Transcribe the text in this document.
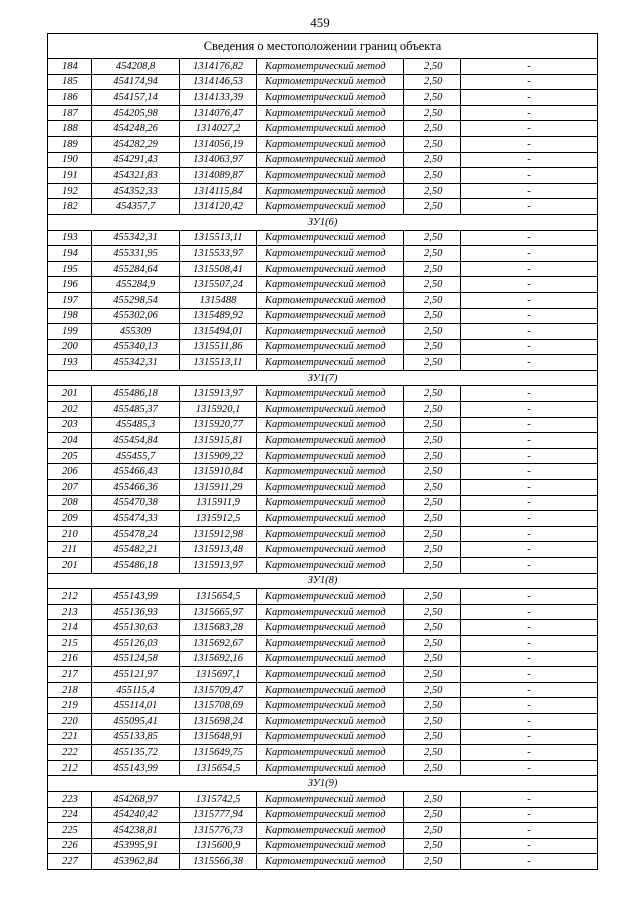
459
Сведения о местоположении границ объекта					
184	454208,8	1314176,82	Картометрический метод	2,50	-
185	454174,94	1314146,53	Картометрический метод	2,50	-
186	454157,14	1314133,39	Картометрический метод	2,50	-
187	454205,98	1314076,47	Картометрический метод	2,50	-
188	454248,26	1314027,2	Картометрический метод	2,50	-
189	454282,29	1314056,19	Картометрический метод	2,50	-
190	454291,43	1314063,97	Картометрический метод	2,50	-
191	454321,83	1314089,87	Картометрический метод	2,50	-
192	454352,33	1314115,84	Картометрический метод	2,50	-
182	454357,7	1314120,42	Картометрический метод	2,50	-
ЗУ1(6)					
193	455342,31	1315513,11	Картометрический метод	2,50	-
194	455331,95	1315533,97	Картометрический метод	2,50	-
195	455284,64	1315508,41	Картометрический метод	2,50	-
196	455284,9	1315507,24	Картометрический метод	2,50	-
197	455298,54	1315488	Картометрический метод	2,50	-
198	455302,06	1315489,92	Картометрический метод	2,50	-
199	455309	1315494,01	Картометрический метод	2,50	-
200	455340,13	1315511,86	Картометрический метод	2,50	-
193	455342,31	1315513,11	Картометрический метод	2,50	-
ЗУ1(7)					
201	455486,18	1315913,97	Картометрический метод	2,50	-
202	455485,37	1315920,1	Картометрический метод	2,50	-
203	455485,3	1315920,77	Картометрический метод	2,50	-
204	455454,84	1315915,81	Картометрический метод	2,50	-
205	455455,7	1315909,22	Картометрический метод	2,50	-
206	455466,43	1315910,84	Картометрический метод	2,50	-
207	455466,36	1315911,29	Картометрический метод	2,50	-
208	455470,38	1315911,9	Картометрический метод	2,50	-
209	455474,33	1315912,5	Картометрический метод	2,50	-
210	455478,24	1315912,98	Картометрический метод	2,50	-
211	455482,21	1315913,48	Картометрический метод	2,50	-
201	455486,18	1315913,97	Картометрический метод	2,50	-
ЗУ1(8)					
212	455143,99	1315654,5	Картометрический метод	2,50	-
213	455136,93	1315665,97	Картометрический метод	2,50	-
214	455130,63	1315683,28	Картометрический метод	2,50	-
215	455126,03	1315692,67	Картометрический метод	2,50	-
216	455124,58	1315692,16	Картометрический метод	2,50	-
217	455121,97	1315697,1	Картометрический метод	2,50	-
218	455115,4	1315709,47	Картометрический метод	2,50	-
219	455114,01	1315708,69	Картометрический метод	2,50	-
220	455095,41	1315698,24	Картометрический метод	2,50	-
221	455133,85	1315648,91	Картометрический метод	2,50	-
222	455135,72	1315649,75	Картометрический метод	2,50	-
212	455143,99	1315654,5	Картометрический метод	2,50	-
ЗУ1(9)					
223	454268,97	1315742,5	Картометрический метод	2,50	-
224	454240,42	1315777,94	Картометрический метод	2,50	-
225	454238,81	1315776,73	Картометрический метод	2,50	-
226	453995,91	1315600,9	Картометрический метод	2,50	-
227	453962,84	1315566,38	Картометрический метод	2,50	-
